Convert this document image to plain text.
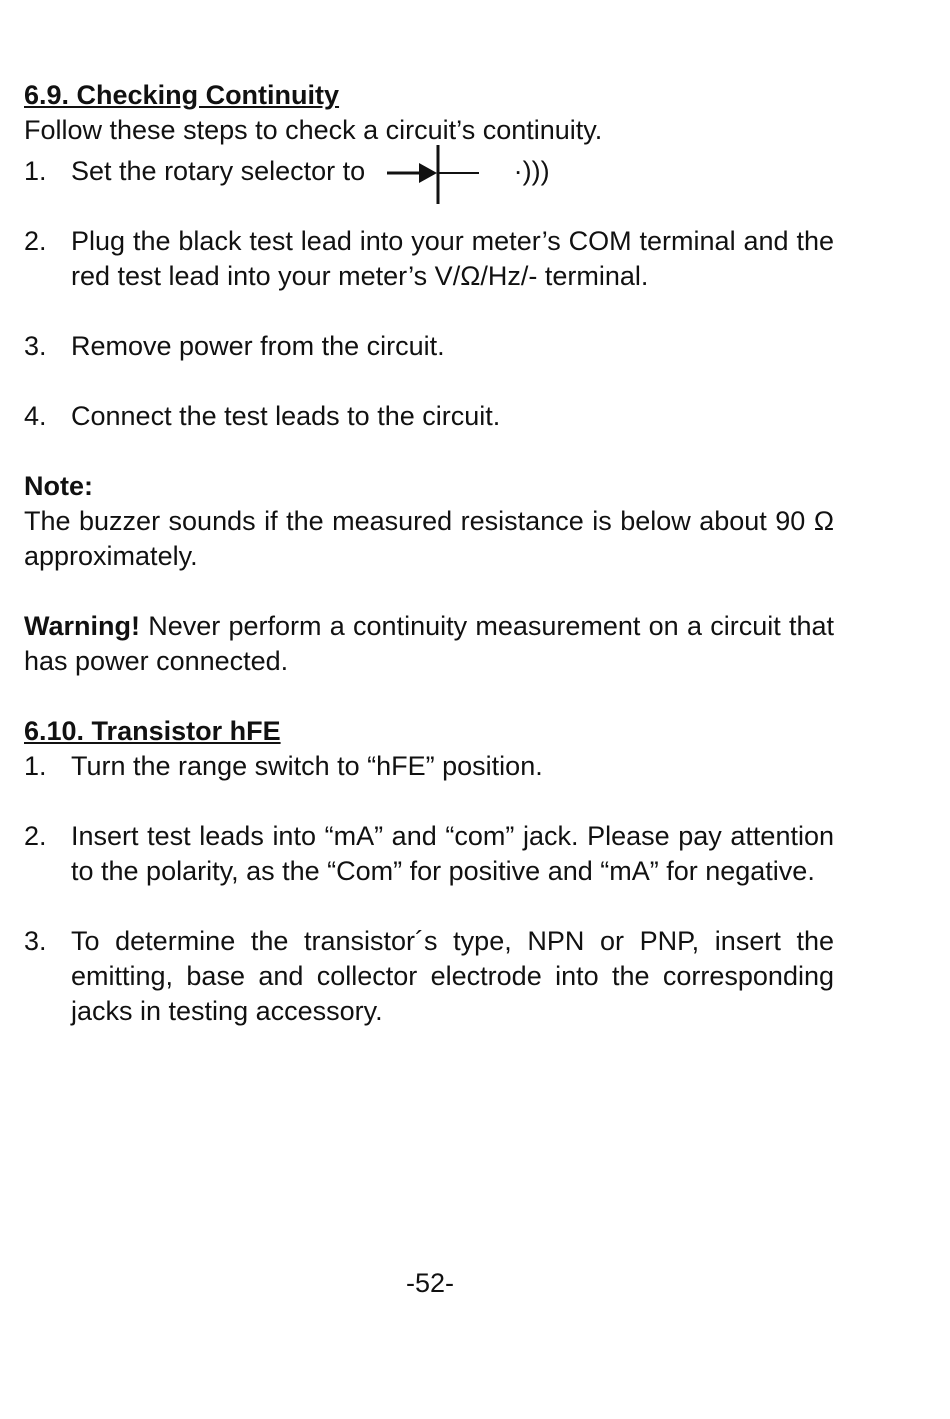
6.9. Checking Continuity

Follow these steps to check a circuit’s continuity.

1. Set the rotary selector to	·)))
2. Plug the black test lead into your meter’s COM terminal and the red test lead into your meter’s V/Ω/Hz/- terminal.
3. Remove power from the circuit.
4. Connect the test leads to the circuit.

Note:

The buzzer sounds if the measured resistance is below about 90 Ω approximately.

Warning! Never perform a continuity measurement on a circuit that has power connected.

6.10. Transistor hFE

1. Turn the range switch to “hFE” position.
2. Insert test leads into “mA” and “com” jack. Please pay attention to the polarity, as the “Com” for positive and “mA” for negative.
3. To determine the transistor´s type, NPN or PNP, insert the emitting, base and collector electrode into the corresponding jacks in testing accessory.
-52-
